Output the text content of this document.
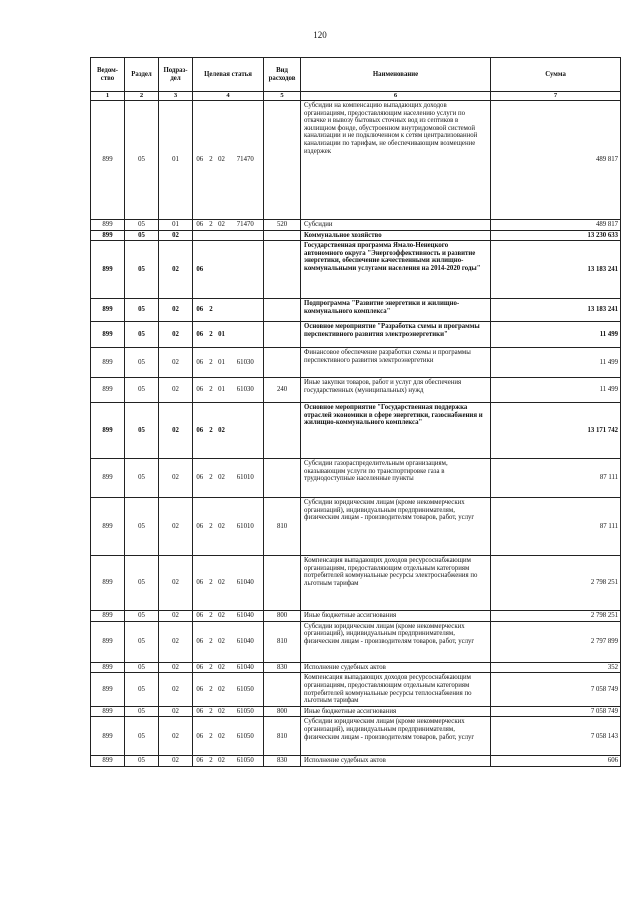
120
Ведом-ство	Раздел	Подраз-дел	Целевая статья				Вид расходов	Наименование	Сумма
1	2	3	4				5	6	7
899	05	01	06	2	02	71470		Субсидии на компенсацию выпадающих доходов организациям, предоставляющим населению услуги по откачке и вывозу бытовых сточных вод из септиков в жилищном фонде, обустроенном внутридомовой системой канализации и не подключенном к сетям централизованной канализации по тарифам, не обеспечивающим возмещение издержек	489 817
899	05	01	06	2	02	71470	520	Субсидии	489 817
899	05	02						Коммунальное хозяйство	13 230 633
899	05	02	06					Государственная программа Ямало-Ненецкого автономного округа "Энергоэффективность и развитие энергетики, обеспечение качественными жилищно-коммунальными услугами населения на 2014-2020 годы"	13 183 241
899	05	02	06	2				Подпрограмма "Развитие энергетики и жилищно-коммунального комплекса"	13 183 241
899	05	02	06	2	01			Основное мероприятие "Разработка схемы и программы перспективного развития электроэнергетики"	11 499
899	05	02	06	2	01	61030		Финансовое обеспечение разработки схемы и программы перспективного развития электроэнергетики	11 499
899	05	02	06	2	01	61030	240	Иные закупки товаров, работ и услуг для обеспечения государственных (муниципальных) нужд	11 499
899	05	02	06	2	02			Основное мероприятие "Государственная поддержка отраслей экономики в сфере энергетики, газоснабжения и жилищно-коммунального комплекса"	13 171 742
899	05	02	06	2	02	61010		Субсидии газораспределительным организациям, оказывающим услуги по транспортировке газа в труднодоступные населенные пункты	87 111
899	05	02	06	2	02	61010	810	Субсидии юридическим лицам (кроме некоммерческих организаций), индивидуальным предпринимателям, физическим лицам - производителям товаров, работ, услуг	87 111
899	05	02	06	2	02	61040		Компенсация выпадающих доходов ресурсоснабжающим организациям, предоставляющим отдельным категориям потребителей коммунальные ресурсы электроснабжения по льготным тарифам	2 798 251
899	05	02	06	2	02	61040	800	Иные бюджетные ассигнования	2 798 251
899	05	02	06	2	02	61040	810	Субсидии юридическим лицам (кроме некоммерческих организаций), индивидуальным предпринимателям, физическим лицам - производителям товаров, работ, услуг	2 797 899
899	05	02	06	2	02	61040	830	Исполнение судебных актов	352
899	05	02	06	2	02	61050		Компенсация выпадающих доходов ресурсоснабжающим организациям, предоставляющим отдельным категориям потребителей коммунальные ресурсы теплоснабжения по льготным тарифам	7 058 749
899	05	02	06	2	02	61050	800	Иные бюджетные ассигнования	7 058 749
899	05	02	06	2	02	61050	810	Субсидии юридическим лицам (кроме некоммерческих организаций), индивидуальным предпринимателям, физическим лицам - производителям товаров, работ, услуг	7 058 143
899	05	02	06	2	02	61050	830	Исполнение судебных актов	606
